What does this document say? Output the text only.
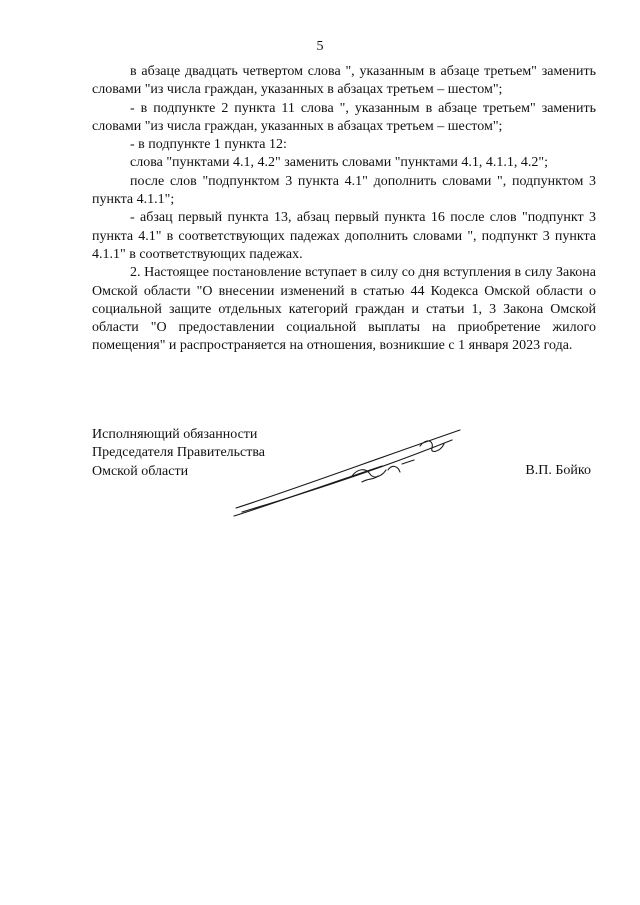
5

в абзаце двадцать четвертом слова ", указанным в абзаце третьем" заменить словами "из числа граждан, указанных в абзацах третьем – шестом";

- в подпункте 2 пункта 11 слова ", указанным в абзаце третьем" заменить словами "из числа граждан, указанных в абзацах третьем – шестом";

- в подпункте 1 пункта 12:

слова "пунктами 4.1, 4.2" заменить словами "пунктами 4.1, 4.1.1, 4.2";

после слов "подпунктом 3 пункта 4.1" дополнить словами ", подпунктом 3 пункта 4.1.1";

- абзац первый пункта 13, абзац первый пункта 16 после слов "подпункт 3 пункта 4.1" в соответствующих падежах дополнить словами ", подпункт 3 пункта 4.1.1" в соответствующих падежах.

2. Настоящее постановление вступает в силу со дня вступления в силу Закона Омской области "О внесении изменений в статью 44 Кодекса Омской области о социальной защите отдельных категорий граждан и статьи 1, 3 Закона Омской области "О предоставлении социальной выплаты на приобретение жилого помещения" и распространяется на отношения, возникшие с 1 января 2023 года.

Исполняющий обязанности
Председателя Правительства
Омской области	В.П. Бойко
